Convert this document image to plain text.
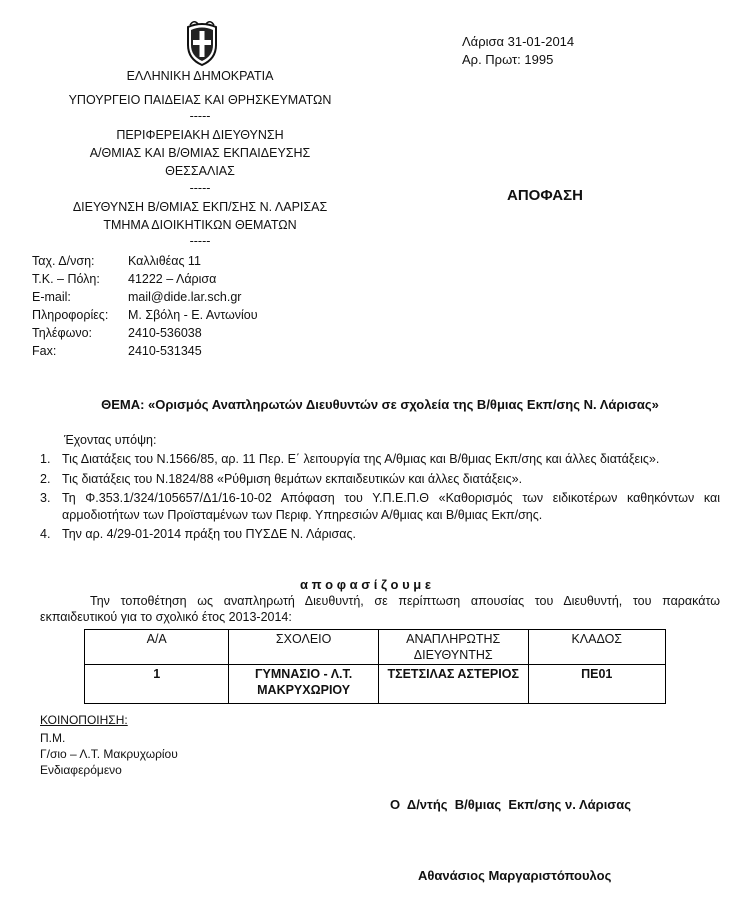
ΕΛΛΗΝΙΚΗ ΔΗΜΟΚΡΑΤΙΑ
ΥΠΟΥΡΓΕΙΟ ΠΑΙΔΕΙΑΣ ΚΑΙ ΘΡΗΣΚΕΥΜΑΤΩΝ
-----
ΠΕΡΙΦΕΡΕΙΑΚΗ ΔΙΕΥΘΥΝΣΗ
Α/ΘΜΙΑΣ ΚΑΙ Β/ΘΜΙΑΣ ΕΚΠΑΙΔΕΥΣΗΣ
ΘΕΣΣΑΛΙΑΣ
-----
ΔΙΕΥΘΥΝΣΗ Β/ΘΜΙΑΣ ΕΚΠ/ΣΗΣ Ν. ΛΑΡΙΣΑΣ
ΤΜΗΜΑ ΔΙΟΙΚΗΤΙΚΩΝ ΘΕΜΑΤΩΝ
-----
Λάρισα 31-01-2014
Αρ. Πρωτ: 1995
ΑΠΟΦΑΣΗ
Ταχ. Δ/νση:	Καλλιθέας 11
Τ.Κ. – Πόλη:	41222 – Λάρισα
E-mail:	mail@dide.lar.sch.gr
Πληροφορίες:	Μ. Σβόλη - Ε. Αντωνίου
Τηλέφωνο:	2410-536038
Fax:	2410-531345
ΘΕΜΑ: «Ορισμός Αναπληρωτών Διευθυντών σε σχολεία της Β/θμιας Εκπ/σης Ν. Λάρισας»
Έχοντας υπόψη:
1. Τις Διατάξεις του Ν.1566/85, αρ. 11 Περ. Ε΄ λειτουργία της Α/θμιας και Β/θμιας Εκπ/σης και άλλες διατάξεις».
2. Τις διατάξεις του Ν.1824/88 «Ρύθμιση θεμάτων εκπαιδευτικών και άλλες διατάξεις».
3. Τη Φ.353.1/324/105657/Δ1/16-10-02 Απόφαση του Υ.Π.Ε.Π.Θ «Καθορισμός των ειδικοτέρων καθηκόντων και αρμοδιοτήτων των Προϊσταμένων των Περιφ. Υπηρεσιών Α/θμιας και Β/θμιας Εκπ/σης.
4. Την αρ. 4/29-01-2014 πράξη του ΠΥΣΔΕ Ν. Λάρισας.
α π ο φ α σ ί ζ ο υ μ ε
Την τοποθέτηση ως αναπληρωτή Διευθυντή, σε περίπτωση απουσίας του Διευθυντή, του παρακάτω εκπαιδευτικού για το σχολικό έτος 2013-2014:
Α/Α	ΣΧΟΛΕΙΟ	ΑΝΑΠΛΗΡΩΤΗΣ ΔΙΕΥΘΥΝΤΗΣ	ΚΛΑΔΟΣ
1	ΓΥΜΝΑΣΙΟ - Λ.Τ. ΜΑΚΡΥΧΩΡΙΟΥ	ΤΣΕΤΣΙΛΑΣ ΑΣΤΕΡΙΟΣ	ΠΕ01
ΚΟΙΝΟΠΟΙΗΣΗ:
Π.Μ.
Γ/σιο – Λ.Τ. Μακρυχωρίου
Ενδιαφερόμενο
Ο  Δ/ντής  Β/θμιας  Εκπ/σης ν. Λάρισας
Αθανάσιος Μαργαριστόπουλος
